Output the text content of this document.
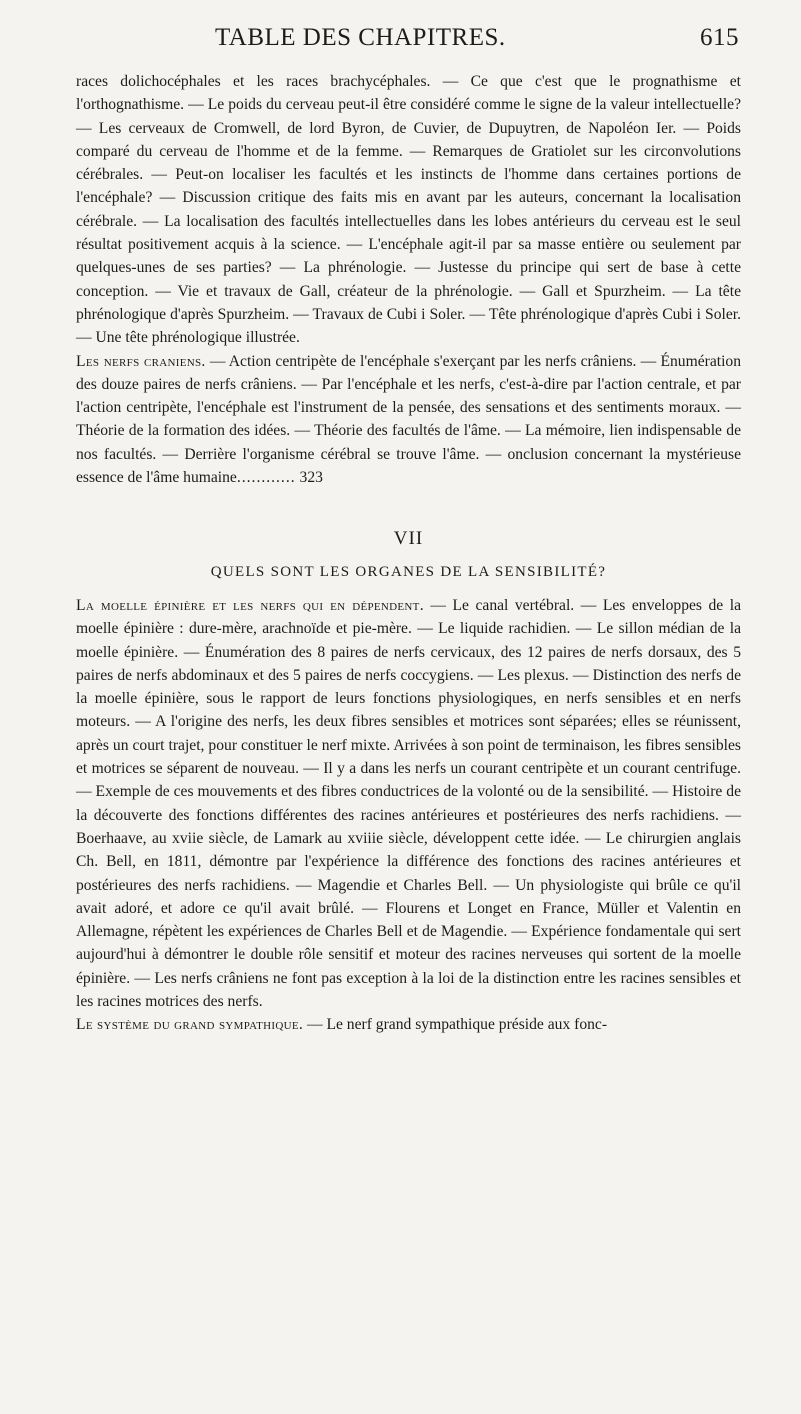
TABLE DES CHAPITRES.	615

races dolichocéphales et les races brachycéphales. — Ce que c'est que le prognathisme et l'orthognathisme. — Le poids du cerveau peut-il être considéré comme le signe de la valeur intellectuelle? — Les cerveaux de Cromwell, de lord Byron, de Cuvier, de Dupuytren, de Napoléon Ier. — Poids comparé du cerveau de l'homme et de la femme. — Remarques de Gratiolet sur les circonvolutions cérébrales. — Peut-on localiser les facultés et les instincts de l'homme dans certaines portions de l'encéphale? — Discussion critique des faits mis en avant par les auteurs, concernant la localisation cérébrale. — La localisation des facultés intellectuelles dans les lobes antérieurs du cerveau est le seul résultat positivement acquis à la science. — L'encéphale agit-il par sa masse entière ou seulement par quelques-unes de ses parties? — La phrénologie. — Justesse du principe qui sert de base à cette conception. — Vie et travaux de Gall, créateur de la phrénologie. — Gall et Spurzheim. — La tête phrénologique d'après Spurzheim. — Travaux de Cubi i Soler. — Tête phrénologique d'après Cubi i Soler. — Une tête phrénologique illustrée.

Les nerfs craniens. — Action centripète de l'encéphale s'exerçant par les nerfs crâniens. — Énumération des douze paires de nerfs crâniens. — Par l'encéphale et les nerfs, c'est-à-dire par l'action centrale, et par l'action centripète, l'encéphale est l'instrument de la pensée, des sensations et des sentiments moraux. — Théorie de la formation des idées. — Théorie des facultés de l'âme. — La mémoire, lien indispensable de nos facultés. — Derrière l'organisme cérébral se trouve l'âme. — onclusion concernant la mystérieuse essence de l'âme humaine............ 323

VII
QUELS SONT LES ORGANES DE LA SENSIBILITÉ?

La moelle épinière et les nerfs qui en dépendent. — Le canal vertébral. — Les enveloppes de la moelle épinière : dure-mère, arachnoïde et pie-mère. — Le liquide rachidien. — Le sillon médian de la moelle épinière. — Énumération des 8 paires de nerfs cervicaux, des 12 paires de nerfs dorsaux, des 5 paires de nerfs abdominaux et des 5 paires de nerfs coccygiens. — Les plexus. — Distinction des nerfs de la moelle épinière, sous le rapport de leurs fonctions physiologiques, en nerfs sensibles et en nerfs moteurs. — A l'origine des nerfs, les deux fibres sensibles et motrices sont séparées; elles se réunissent, après un court trajet, pour constituer le nerf mixte. Arrivées à son point de terminaison, les fibres sensibles et motrices se séparent de nouveau. — Il y a dans les nerfs un courant centripète et un courant centrifuge. — Exemple de ces mouvements et des fibres conductrices de la volonté ou de la sensibilité. — Histoire de la découverte des fonctions différentes des racines antérieures et postérieures des nerfs rachidiens. — Boerhaave, au xviie siècle, de Lamark au xviiie siècle, développent cette idée. — Le chirurgien anglais Ch. Bell, en 1811, démontre par l'expérience la différence des fonctions des racines antérieures et postérieures des nerfs rachidiens. — Magendie et Charles Bell. — Un physiologiste qui brûle ce qu'il avait adoré, et adore ce qu'il avait brûlé. — Flourens et Longet en France, Müller et Valentin en Allemagne, répètent les expériences de Charles Bell et de Magendie. — Expérience fondamentale qui sert aujourd'hui à démontrer le double rôle sensitif et moteur des racines nerveuses qui sortent de la moelle épinière. — Les nerfs crâniens ne font pas exception à la loi de la distinction entre les racines sensibles et les racines motrices des nerfs.

Le système du grand sympathique. — Le nerf grand sympathique préside aux fonc-
